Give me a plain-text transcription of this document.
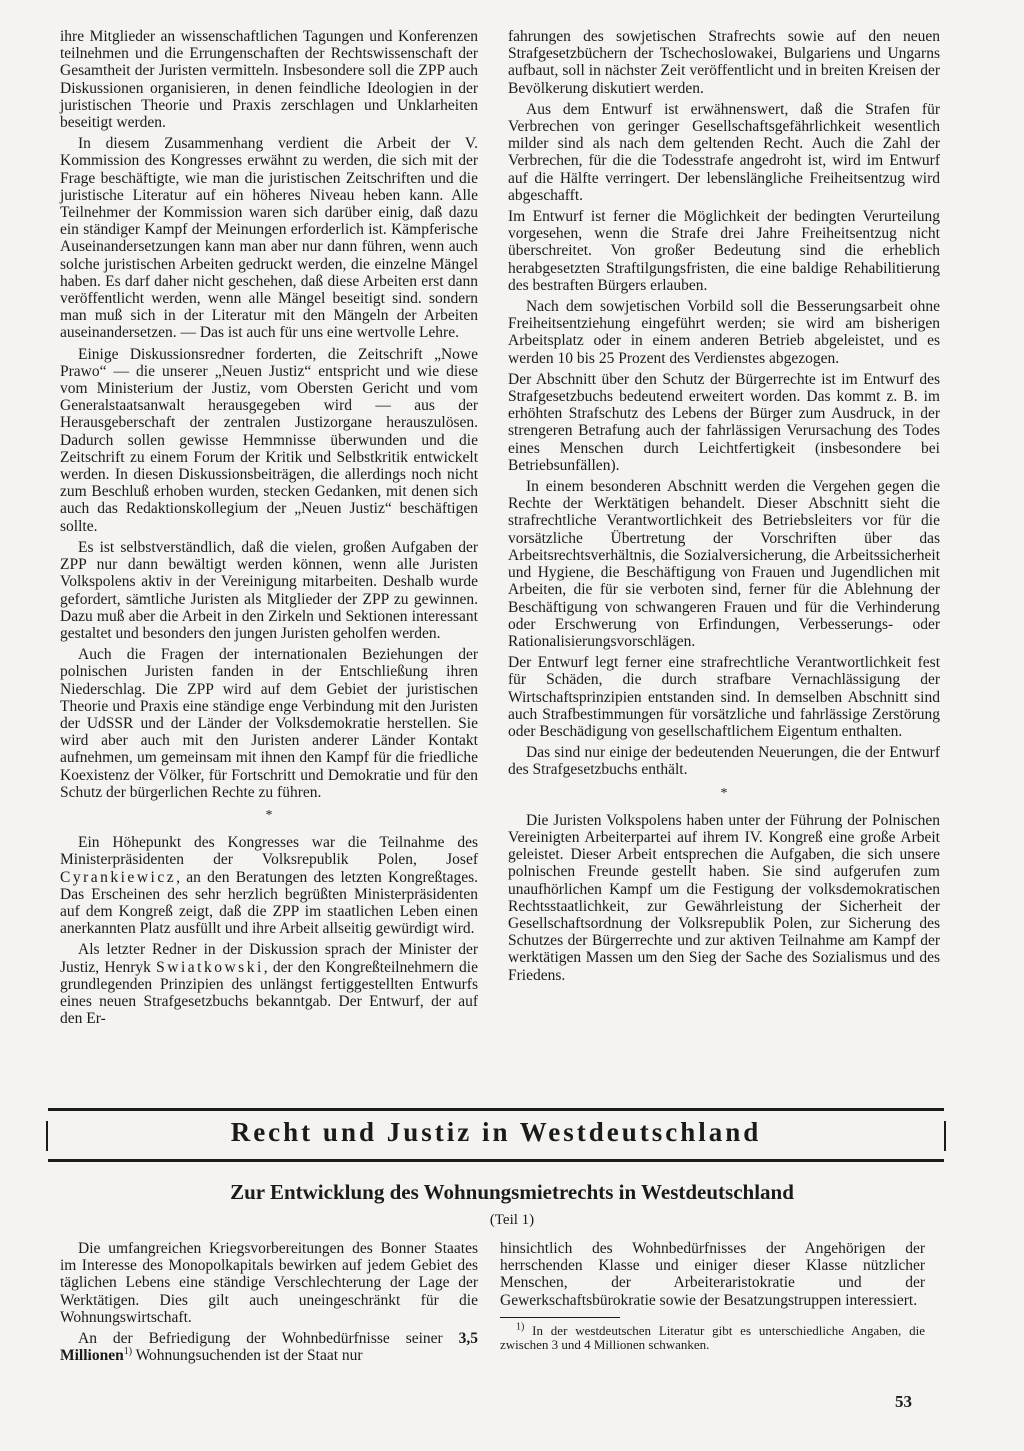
ihre Mitglieder an wissenschaftlichen Tagungen und Konferenzen teilnehmen und die Errungenschaften der Rechtswissenschaft der Gesamtheit der Juristen vermitteln. Insbesondere soll die ZPP auch Diskussionen organisieren, in denen feindliche Ideologien in der juristischen Theorie und Praxis zerschlagen und Unklarheiten beseitigt werden.

In diesem Zusammenhang verdient die Arbeit der V. Kommission des Kongresses erwähnt zu werden, die sich mit der Frage beschäftigte, wie man die juristischen Zeitschriften und die juristische Literatur auf ein höheres Niveau heben kann. Alle Teilnehmer der Kommission waren sich darüber einig, daß dazu ein ständiger Kampf der Meinungen erforderlich ist. Kämpferische Auseinandersetzungen kann man aber nur dann führen, wenn auch solche juristischen Arbeiten gedruckt werden, die einzelne Mängel haben. Es darf daher nicht geschehen, daß diese Arbeiten erst dann veröffentlicht werden, wenn alle Mängel beseitigt sind. sondern man muß sich in der Literatur mit den Mängeln der Arbeiten auseinandersetzen. — Das ist auch für uns eine wertvolle Lehre.

Einige Diskussionsredner forderten, die Zeitschrift „Nowe Prawo“ — die unserer „Neuen Justiz“ entspricht und wie diese vom Ministerium der Justiz, vom Obersten Gericht und vom Generalstaatsanwalt herausgegeben wird — aus der Herausgeberschaft der zentralen Justizorgane herauszulösen. Dadurch sollen gewisse Hemmnisse überwunden und die Zeitschrift zu einem Forum der Kritik und Selbstkritik entwickelt werden. In diesen Diskussionsbeiträgen, die allerdings noch nicht zum Beschluß erhoben wurden, stecken Gedanken, mit denen sich auch das Redaktionskollegium der „Neuen Justiz“ beschäftigen sollte.

Es ist selbstverständlich, daß die vielen, großen Aufgaben der ZPP nur dann bewältigt werden können, wenn alle Juristen Volkspolens aktiv in der Vereinigung mitarbeiten. Deshalb wurde gefordert, sämtliche Juristen als Mitglieder der ZPP zu gewinnen. Dazu muß aber die Arbeit in den Zirkeln und Sektionen interessant gestaltet und besonders den jungen Juristen geholfen werden.

Auch die Fragen der internationalen Beziehungen der polnischen Juristen fanden in der Entschließung ihren Niederschlag. Die ZPP wird auf dem Gebiet der juristischen Theorie und Praxis eine ständige enge Verbindung mit den Juristen der UdSSR und der Länder der Volksdemokratie herstellen. Sie wird aber auch mit den Juristen anderer Länder Kontakt aufnehmen, um gemeinsam mit ihnen den Kampf für die friedliche Koexistenz der Völker, für Fortschritt und Demokratie und für den Schutz der bürgerlichen Rechte zu führen.

*

Ein Höhepunkt des Kongresses war die Teilnahme des Ministerpräsidenten der Volksrepublik Polen, Josef Cyrankiewicz, an den Beratungen des letzten Kongreßtages. Das Erscheinen des sehr herzlich begrüßten Ministerpräsidenten auf dem Kongreß zeigt, daß die ZPP im staatlichen Leben einen anerkannten Platz ausfüllt und ihre Arbeit allseitig gewürdigt wird.

Als letzter Redner in der Diskussion sprach der Minister der Justiz, Henryk Swiatkowski, der den Kongreßteilnehmern die grundlegenden Prinzipien des unlängst fertiggestellten Entwurfs eines neuen Strafgesetzbuchs bekanntgab. Der Entwurf, der auf den Er-

fahrungen des sowjetischen Strafrechts sowie auf den neuen Strafgesetzbüchern der Tschechoslowakei, Bulgariens und Ungarns aufbaut, soll in nächster Zeit veröffentlicht und in breiten Kreisen der Bevölkerung diskutiert werden.

Aus dem Entwurf ist erwähnenswert, daß die Strafen für Verbrechen von geringer Gesellschaftsgefährlichkeit wesentlich milder sind als nach dem geltenden Recht. Auch die Zahl der Verbrechen, für die die Todesstrafe angedroht ist, wird im Entwurf auf die Hälfte verringert. Der lebenslängliche Freiheitsentzug wird abgeschafft.

Im Entwurf ist ferner die Möglichkeit der bedingten Verurteilung vorgesehen, wenn die Strafe drei Jahre Freiheitsentzug nicht überschreitet. Von großer Bedeutung sind die erheblich herabgesetzten Straftilgungsfristen, die eine baldige Rehabilitierung des bestraften Bürgers erlauben.

Nach dem sowjetischen Vorbild soll die Besserungsarbeit ohne Freiheitsentziehung eingeführt werden; sie wird am bisherigen Arbeitsplatz oder in einem anderen Betrieb abgeleistet, und es werden 10 bis 25 Prozent des Verdienstes abgezogen.

Der Abschnitt über den Schutz der Bürgerrechte ist im Entwurf des Strafgesetzbuchs bedeutend erweitert worden. Das kommt z. B. im erhöhten Strafschutz des Lebens der Bürger zum Ausdruck, in der strengeren Betrafung auch der fahrlässigen Verursachung des Todes eines Menschen durch Leichtfertigkeit (insbesondere bei Betriebsunfällen).

In einem besonderen Abschnitt werden die Vergehen gegen die Rechte der Werktätigen behandelt. Dieser Abschnitt sieht die strafrechtliche Verantwortlichkeit des Betriebsleiters vor für die vorsätzliche Übertretung der Vorschriften über das Arbeitsrechtsverhältnis, die Sozialversicherung, die Arbeitssicherheit und Hygiene, die Beschäftigung von Frauen und Jugendlichen mit Arbeiten, die für sie verboten sind, ferner für die Ablehnung der Beschäftigung von schwangeren Frauen und für die Verhinderung oder Erschwerung von Erfindungen, Verbesserungs- oder Rationalisierungsvorschlägen.

Der Entwurf legt ferner eine strafrechtliche Verantwortlichkeit fest für Schäden, die durch strafbare Vernachlässigung der Wirtschaftsprinzipien entstanden sind. In demselben Abschnitt sind auch Strafbestimmungen für vorsätzliche und fahrlässige Zerstörung oder Beschädigung von gesellschaftlichem Eigentum enthalten.

Das sind nur einige der bedeutenden Neuerungen, die der Entwurf des Strafgesetzbuchs enthält.

*

Die Juristen Volkspolens haben unter der Führung der Polnischen Vereinigten Arbeiterpartei auf ihrem IV. Kongreß eine große Arbeit geleistet. Dieser Arbeit entsprechen die Aufgaben, die sich unsere polnischen Freunde gestellt haben. Sie sind aufgerufen zum unaufhörlichen Kampf um die Festigung der volksdemokratischen Rechtsstaatlichkeit, zur Gewährleistung der Sicherheit der Gesellschaftsordnung der Volksrepublik Polen, zur Sicherung des Schutzes der Bürgerrechte und zur aktiven Teilnahme am Kampf der werktätigen Massen um den Sieg der Sache des Sozialismus und des Friedens.

Recht und Justiz in Westdeutschland
Zur Entwicklung des Wohnungsmietrechts in Westdeutschland
(Teil 1)

Die umfangreichen Kriegsvorbereitungen des Bonner Staates im Interesse des Monopolkapitals bewirken auf jedem Gebiet des täglichen Lebens eine ständige Verschlechterung der Lage der Werktätigen. Dies gilt auch uneingeschränkt für die Wohnungswirtschaft.

An der Befriedigung der Wohnbedürfnisse seiner 3,5 Millionen$^{1)}$ Wohnungsuchenden ist der Staat nur

hinsichtlich des Wohnbedürfnisses der Angehörigen der herrschenden Klasse und einiger dieser Klasse nützlicher Menschen, der Arbeiteraristokratie und der Gewerkschaftsbürokratie sowie der Besatzungstruppen interessiert.

$^{1)}$ In der westdeutschen Literatur gibt es unterschiedliche Angaben, die zwischen 3 und 4 Millionen schwanken.
53
